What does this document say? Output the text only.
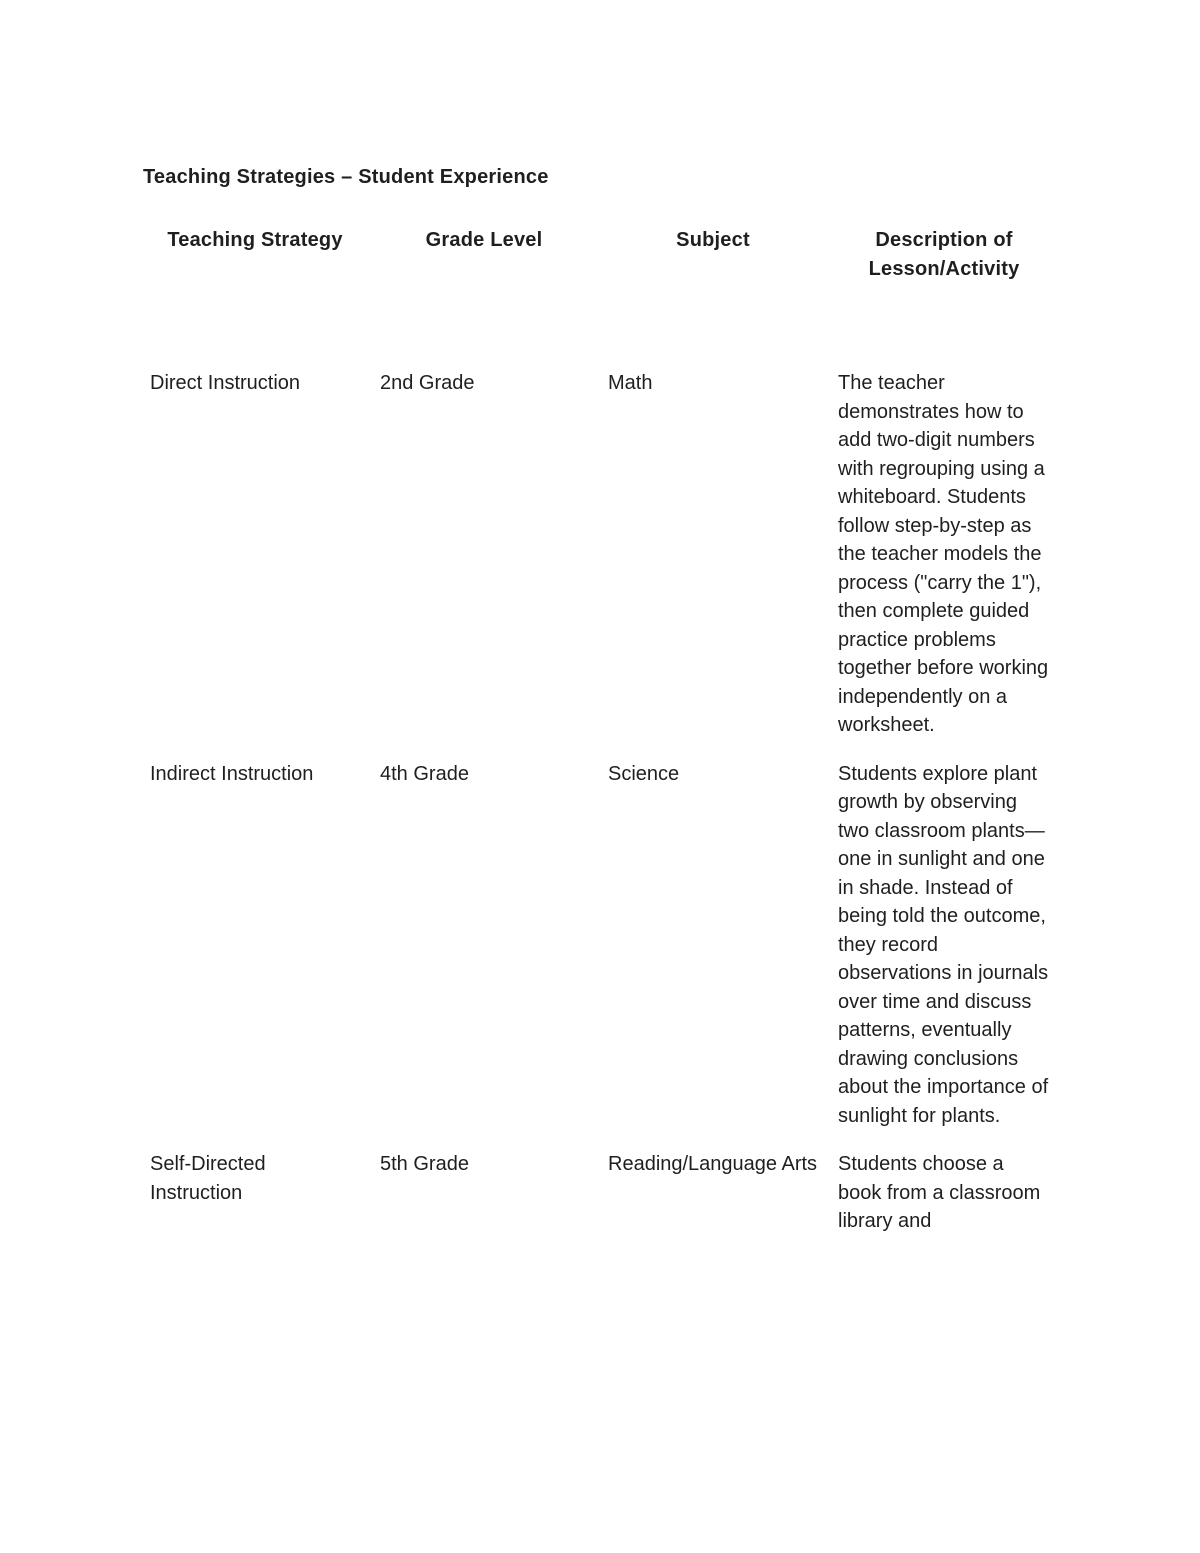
Teaching Strategies – Student Experience
Teaching Strategy	Grade Level	Subject	Description of
Lesson/Activity
Direct Instruction	2nd Grade	Math	The teacher demonstrates how to add two-digit numbers with regrouping using a whiteboard. Students follow step-by-step as the teacher models the process ("carry the 1"), then complete guided practice problems together before working independently on a worksheet.
Indirect Instruction	4th Grade	Science	Students explore plant growth by observing two classroom plants—one in sunlight and one in shade. Instead of being told the outcome, they record observations in journals over time and discuss patterns, eventually drawing conclusions about the importance of sunlight for plants.
Self-Directed Instruction	5th Grade	Reading/Language Arts	Students choose a book from a classroom library and
